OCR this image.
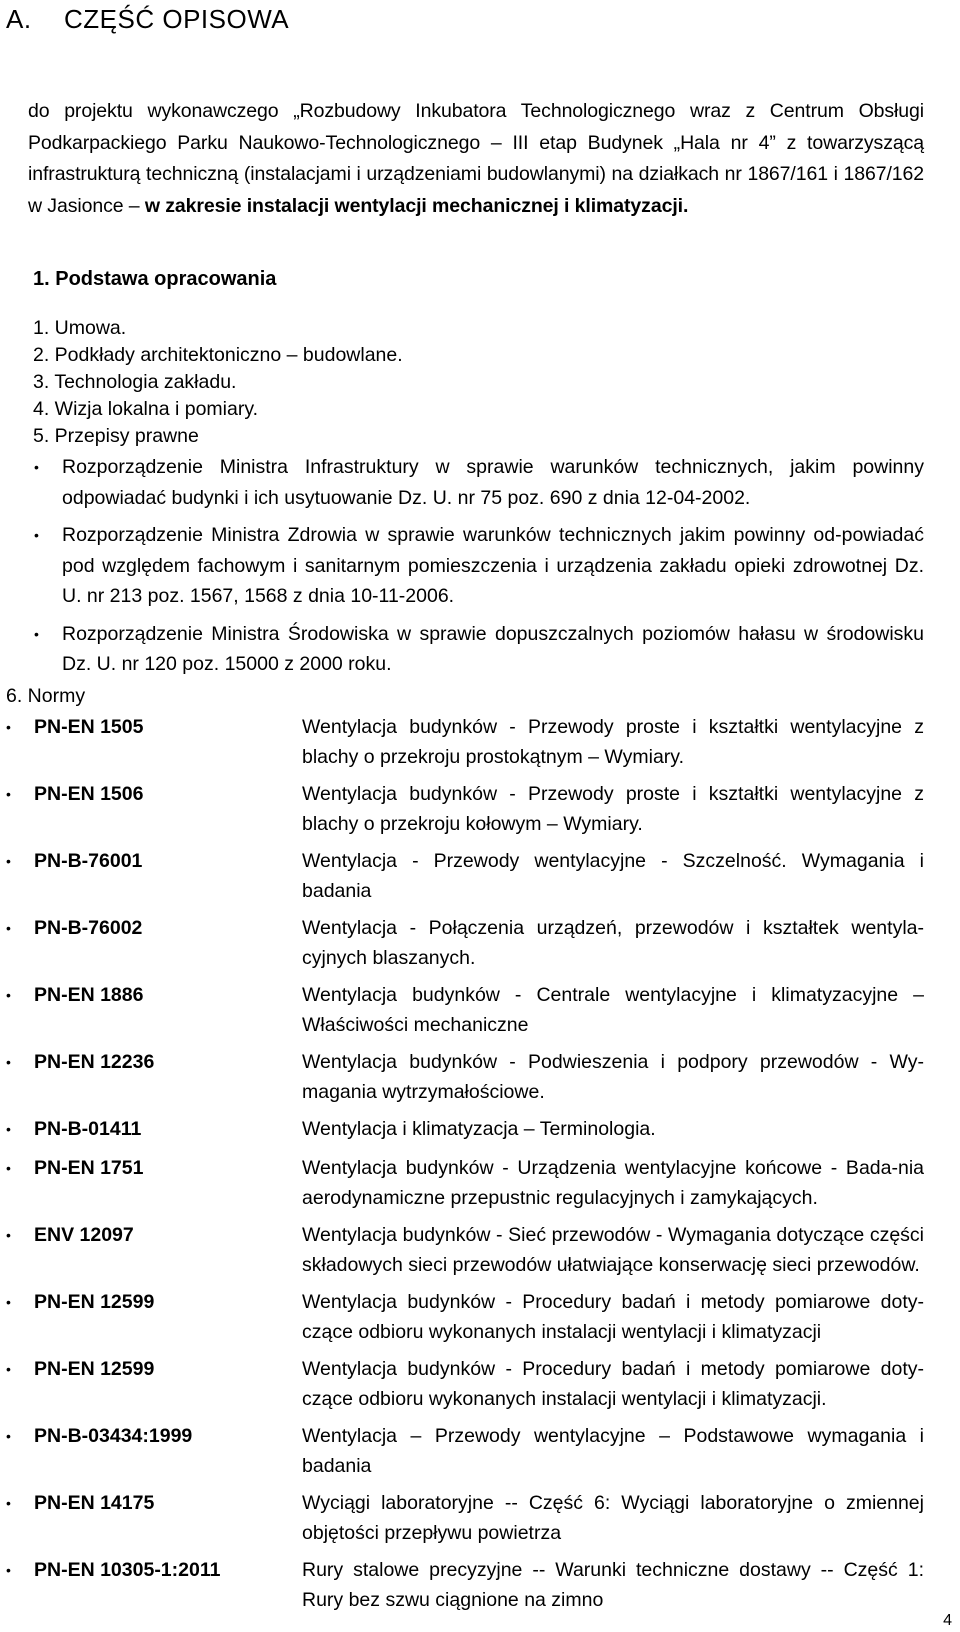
A. CZĘŚĆ OPISOWA

do projektu wykonawczego „Rozbudowy Inkubatora Technologicznego wraz z Centrum Obsługi Podkarpackiego Parku Naukowo-Technologicznego – III etap Budynek „Hala nr 4” z towarzyszącą infrastrukturą techniczną (instalacjami i urządzeniami budowlanymi) na działkach nr 1867/161 i 1867/162 w Jasionce – w zakresie instalacji wentylacji mechanicznej i klimatyzacji.

1. Podstawa opracowania
1. Umowa.
2. Podkłady architektoniczno – budowlane.
3. Technologia zakładu.
4. Wizja lokalna i pomiary.
5. Przepisy prawne
• Rozporządzenie Ministra Infrastruktury w sprawie warunków technicznych, jakim powinny odpowiadać budynki i ich usytuowanie Dz. U. nr 75 poz. 690 z dnia 12-04-2002.
• Rozporządzenie Ministra Zdrowia w sprawie warunków technicznych jakim powinny od-powiadać pod względem fachowym i sanitarnym pomieszczenia i urządzenia zakładu opieki zdrowotnej Dz. U. nr 213 poz. 1567, 1568 z dnia 10-11-2006.
• Rozporządzenie Ministra Środowiska w sprawie dopuszczalnych poziomów hałasu w środowisku Dz. U. nr 120 poz. 15000 z 2000 roku.
6. Normy
• PN-EN 1505	Wentylacja budynków - Przewody proste i kształtki wentylacyjne z blachy o przekroju prostokątnym – Wymiary.
• PN-EN 1506	Wentylacja budynków - Przewody proste i kształtki wentylacyjne z blachy o przekroju kołowym – Wymiary.
• PN-B-76001	Wentylacja - Przewody wentylacyjne - Szczelność. Wymagania i badania
• PN-B-76002	Wentylacja - Połączenia urządzeń, przewodów i kształtek wentyla-cyjnych blaszanych.
• PN-EN 1886	Wentylacja budynków - Centrale wentylacyjne i klimatyzacyjne – Właściwości mechaniczne
• PN-EN 12236	Wentylacja budynków - Podwieszenia i podpory przewodów - Wy-magania wytrzymałościowe.
• PN-B-01411	Wentylacja i klimatyzacja – Terminologia.
• PN-EN 1751	Wentylacja budynków - Urządzenia wentylacyjne końcowe - Bada-nia aerodynamiczne przepustnic regulacyjnych i zamykających.
• ENV 12097	Wentylacja budynków - Sieć przewodów - Wymagania dotyczące części składowych sieci przewodów ułatwiające konserwację sieci przewodów.
• PN-EN 12599	Wentylacja budynków - Procedury badań i metody pomiarowe doty-czące odbioru wykonanych instalacji wentylacji i klimatyzacji
• PN-EN 12599	Wentylacja budynków - Procedury badań i metody pomiarowe doty-czące odbioru wykonanych instalacji wentylacji i klimatyzacji.
• PN-B-03434:1999	Wentylacja – Przewody wentylacyjne – Podstawowe wymagania i badania
• PN-EN 14175	Wyciągi laboratoryjne -- Część 6: Wyciągi laboratoryjne o zmiennej objętości przepływu powietrza
• PN-EN 10305-1:2011	Rury stalowe precyzyjne -- Warunki techniczne dostawy -- Część 1: Rury bez szwu ciągnione na zimno
4
